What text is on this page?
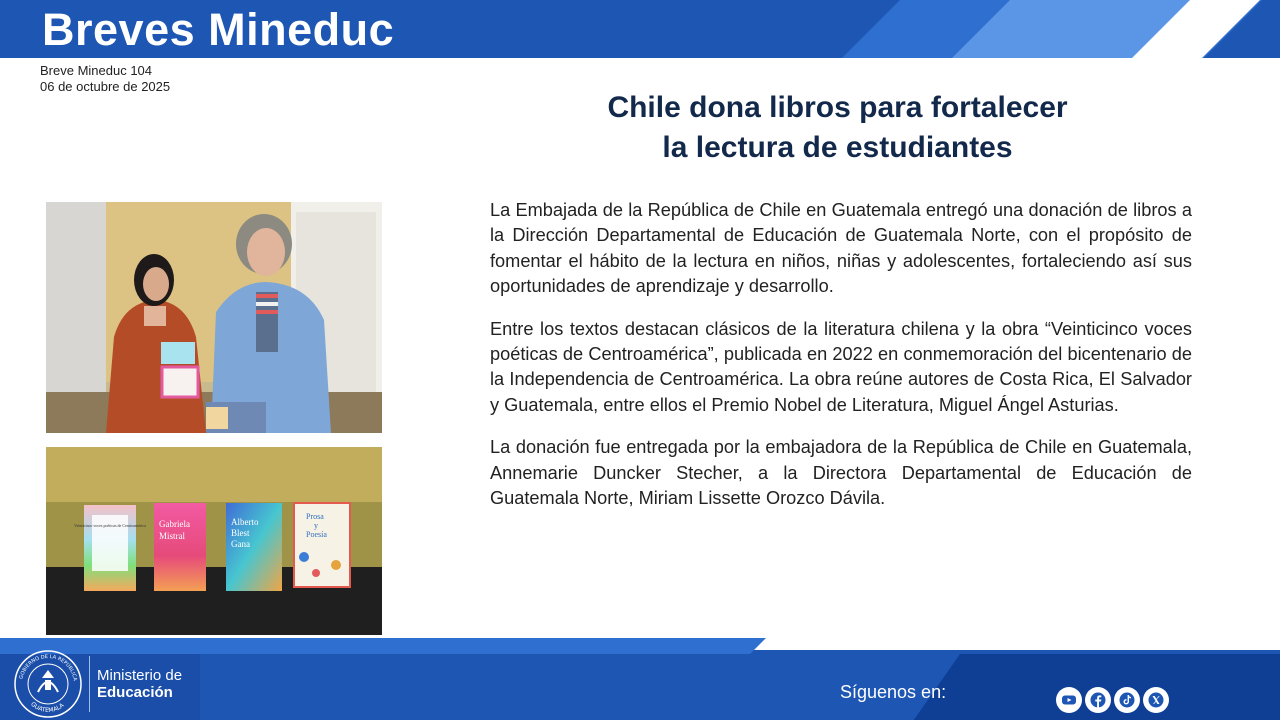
Breves Mineduc
Breve Mineduc 104
06 de octubre de 2025
Chile dona libros para fortalecer
la lectura de estudiantes

La Embajada de la República de Chile en Guatemala entregó una donación de libros a la Dirección Departamental de Educación de Guatemala Norte, con el propósito de fomentar el hábito de la lectura en niños, niñas y adolescentes, fortaleciendo así sus oportunidades de aprendizaje y desarrollo.

Entre los textos destacan clásicos de la literatura chilena y la obra “Veinticinco voces poéticas de Centroamérica”, publicada en 2022 en conmemoración del bicentenario de la Independencia de Centroamérica. La obra reúne autores de Costa Rica, El Salvador y Guatemala, entre ellos el Premio Nobel de Literatura, Miguel Ángel Asturias.

La donación fue entregada por la embajadora de la República de Chile en Guatemala, Annemarie Duncker Stecher, a la Directora Departamental de Educación de Guatemala Norte, Miriam Lissette Orozco Dávila.

Veinticinco voces poéticas de Centroamérica Gabriela
Mistral
Alberto
Blest
Gana
Prosa
y
Poesía
GOBIERNO DE LA REPÚBLICA
GUATEMALA
Ministerio de
Educación	Síguenos en:
